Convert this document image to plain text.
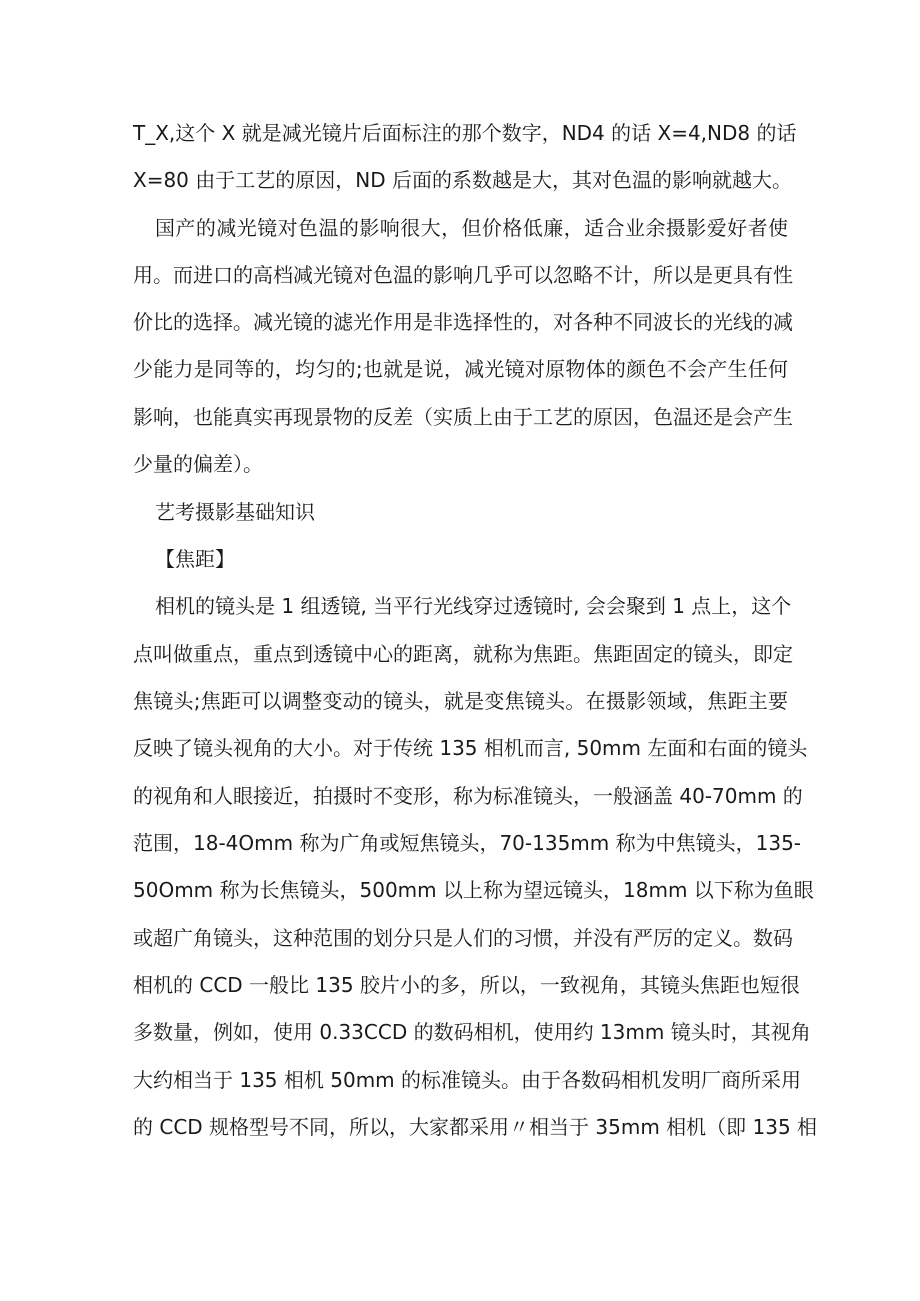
T_X,这个 X 就是减光镜片后面标注的那个数字，ND4 的话 X=4,ND8 的话
X=80 由于工艺的原因，ND 后面的系数越是大，其对色温的影响就越大。
国产的减光镜对色温的影响很大，但价格低廉，适合业余摄影爱好者使
用。而进口的高档减光镜对色温的影响几乎可以忽略不计，所以是更具有性
价比的选择。减光镜的滤光作用是非选择性的，对各种不同波长的光线的减
少能力是同等的，均匀的;也就是说，减光镜对原物体的颜色不会产生任何
影响，也能真实再现景物的反差（实质上由于工艺的原因，色温还是会产生
少量的偏差）。
艺考摄影基础知识
【焦距】
相机的镜头是 1 组透镜, 当平行光线穿过透镜时, 会会聚到 1 点上，这个
点叫做重点，重点到透镜中心的距离，就称为焦距。焦距固定的镜头，即定
焦镜头;焦距可以调整变动的镜头，就是变焦镜头。在摄影领域，焦距主要
反映了镜头视角的大小。对于传统 135 相机而言, 50mm 左面和右面的镜头
的视角和人眼接近，拍摄时不变形，称为标准镜头，一般涵盖 40-70mm 的
范围，18-4Omm 称为广角或短焦镜头，70-135mm 称为中焦镜头，135-
50Omm 称为长焦镜头，500mm 以上称为望远镜头，18mm 以下称为鱼眼
或超广角镜头，这种范围的划分只是人们的习惯，并没有严厉的定义。数码
相机的 CCD 一般比 135 胶片小的多，所以，一致视角，其镜头焦距也短很
多数量，例如，使用 0.33CCD 的数码相机，使用约 13mm 镜头时，其视角
大约相当于 135 相机 50mm 的标准镜头。由于各数码相机发明厂商所采用
的 CCD 规格型号不同，所以，大家都采用〃相当于 35mm 相机（即 135 相
